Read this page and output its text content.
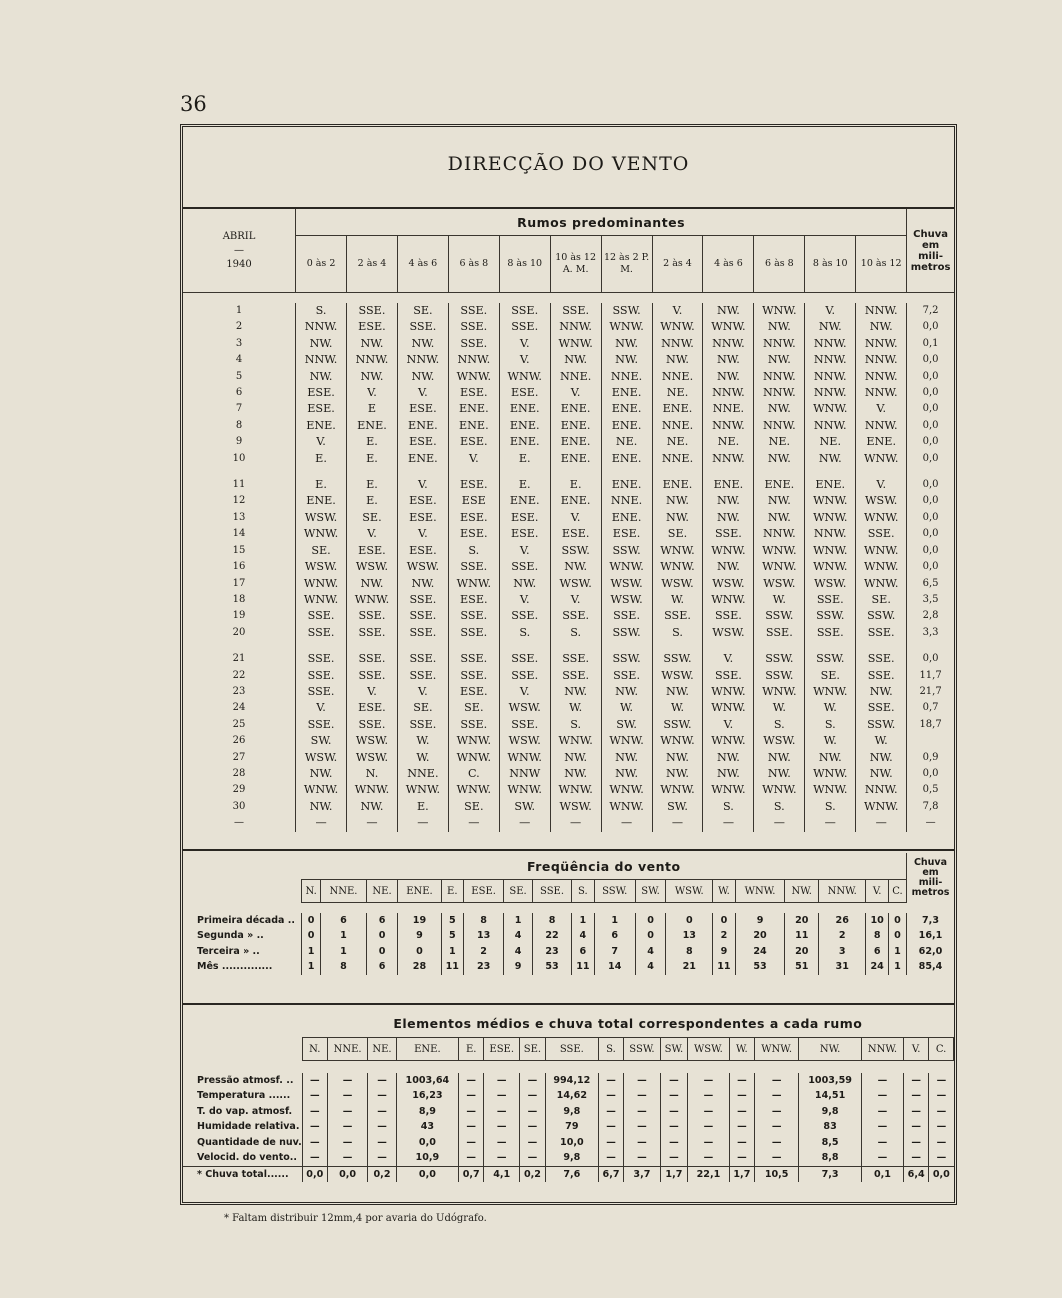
36
DIRECÇÃO DO VENTO
ABRIL
—
1940	Rumos predominantes												Chuva
em
mili-
metros
	0 às 2	2 às 4	4 às 6	6 às 8	8 às 10	10 às 12 A. M.	12 às 2 P. M.	2 às 4	4 às 6	6 às 8	8 às 10	10 às 12	

1	S.	SSE.	SE.	SSE.	SSE.	SSE.	SSW.	V.	NW.	WNW.	V.	NNW.	7,2
2	NNW.	ESE.	SSE.	SSE.	SSE.	NNW.	WNW.	WNW.	WNW.	NW.	NW.	NW.	0,0
3	NW.	NW.	NW.	SSE.	V.	WNW.	NW.	NNW.	NNW.	NNW.	NNW.	NNW.	0,1
4	NNW.	NNW.	NNW.	NNW.	V.	NW.	NW.	NW.	NW.	NW.	NNW.	NNW.	0,0
5	NW.	NW.	NW.	WNW.	WNW.	NNE.	NNE.	NNE.	NW.	NNW.	NNW.	NNW.	0,0
6	ESE.	V.	V.	ESE.	ESE.	V.	ENE.	NE.	NNW.	NNW.	NNW.	NNW.	0,0
7	ESE.	E	ESE.	ENE.	ENE.	ENE.	ENE.	ENE.	NNE.	NW.	WNW.	V.	0,0
8	ENE.	ENE.	ENE.	ENE.	ENE.	ENE.	ENE.	NNE.	NNW.	NNW.	NNW.	NNW.	0,0
9	V.	E.	ESE.	ESE.	ENE.	ENE.	NE.	NE.	NE.	NE.	NE.	ENE.	0,0
10	E.	E.	ENE.	V.	E.	ENE.	ENE.	NNE.	NNW.	NW.	NW.	WNW.	0,0

11	E.	E.	V.	ESE.	E.	E.	ENE.	ENE.	ENE.	ENE.	ENE.	V.	0,0
12	ENE.	E.	ESE.	ESE	ENE.	ENE.	NNE.	NW.	NW.	NW.	WNW.	WSW.	0,0
13	WSW.	SE.	ESE.	ESE.	ESE.	V.	ENE.	NW.	NW.	NW.	WNW.	WNW.	0,0
14	WNW.	V.	V.	ESE.	ESE.	ESE.	ESE.	SE.	SSE.	NNW.	NNW.	SSE.	0,0
15	SE.	ESE.	ESE.	S.	V.	SSW.	SSW.	WNW.	WNW.	WNW.	WNW.	WNW.	0,0
16	WSW.	WSW.	WSW.	SSE.	SSE.	NW.	WNW.	WNW.	NW.	WNW.	WNW.	WNW.	0,0
17	WNW.	NW.	NW.	WNW.	NW.	WSW.	WSW.	WSW.	WSW.	WSW.	WSW.	WNW.	6,5
18	WNW.	WNW.	SSE.	ESE.	V.	V.	WSW.	W.	WNW.	W.	SSE.	SE.	3,5
19	SSE.	SSE.	SSE.	SSE.	SSE.	SSE.	SSE.	SSE.	SSE.	SSW.	SSW.	SSW.	2,8
20	SSE.	SSE.	SSE.	SSE.	S.	S.	SSW.	S.	WSW.	SSE.	SSE.	SSE.	3,3

21	SSE.	SSE.	SSE.	SSE.	SSE.	SSE.	SSW.	SSW.	V.	SSW.	SSW.	SSE.	0,0
22	SSE.	SSE.	SSE.	SSE.	SSE.	SSE.	SSE.	WSW.	SSE.	SSW.	SE.	SSE.	11,7
23	SSE.	V.	V.	ESE.	V.	NW.	NW.	NW.	WNW.	WNW.	WNW.	NW.	21,7
24	V.	ESE.	SE.	SE.	WSW.	W.	W.	W.	WNW.	W.	W.	SSE.	0,7
25	SSE.	SSE.	SSE.	SSE.	SSE.	S.	SW.	SSW.	V.	S.	S.	SSW.	18,7
26	SW.	WSW.	W.	WNW.	WSW.	WNW.	WNW.	WNW.	WNW.	WSW.	W.	W.	
27	WSW.	WSW.	W.	WNW.	WNW.	NW.	NW.	NW.	NW.	NW.	NW.	NW.	0,9
28	NW.	N.	NNE.	C.	NNW	NW.	NW.	NW.	NW.	NW.	WNW.	NW.	0,0
29	WNW.	WNW.	WNW.	WNW.	WNW.	WNW.	WNW.	WNW.	WNW.	WNW.	WNW.	NNW.	0,5
30	NW.	NW.	E.	SE.	SW.	WSW.	WNW.	SW.	S.	S.	S.	WNW.	7,8
—	—	—	—	—	—	—	—	—	—	—	—	—	—

	Freqüência do vento																		Chuva
em
mili-
metros
	N.	NNE.	NE.	ENE.	E.	ESE.	SE.	SSE.	S.	SSW.	SW.	WSW.	W.	WNW.	NW.	NNW.	V.	C.	

Primeira década ..	0	6	6	19	5	8	1	8	1	1	0	0	0	9	20	26	10	0	7,3
Segunda » ..	0	1	0	9	5	13	4	22	4	6	0	13	2	20	11	2	8	0	16,1
Terceira » ..	1	1	0	0	1	2	4	23	6	7	4	8	9	24	20	3	6	1	62,0
Mês ..............	1	8	6	28	11	23	9	53	11	14	4	21	11	53	51	31	24	1	85,4

	Elementos médios e chuva total correspondentes a cada rumo																	
	N.	NNE.	NE.	ENE.	E.	ESE.	SE.	SSE.	S.	SSW.	SW.	WSW.	W.	WNW.	NW.	NNW.	V.	C.

Pressão atmosf. ..	—	—	—	1003,64	—	—	—	994,12	—	—	—	—	—	—	1003,59	—	—	—
Temperatura ......	—	—	—	16,23	—	—	—	14,62	—	—	—	—	—	—	14,51	—	—	—
T. do vap. atmosf.	—	—	—	8,9	—	—	—	9,8	—	—	—	—	—	—	9,8	—	—	—
Humidade relativa.	—	—	—	43	—	—	—	79	—	—	—	—	—	—	83	—	—	—
Quantidade de nuv.	—	—	—	0,0	—	—	—	10,0	—	—	—	—	—	—	8,5	—	—	—
Velocid. do vento..	—	—	—	10,9	—	—	—	9,8	—	—	—	—	—	—	8,8	—	—	—
* Chuva total......	0,0	0,0	0,2	0,0	0,7	4,1	0,2	7,6	6,7	3,7	1,7	22,1	1,7	10,5	7,3	0,1	6,4	0,0
* Faltam distribuir 12mm,4 por avaria do Udógrafo.
